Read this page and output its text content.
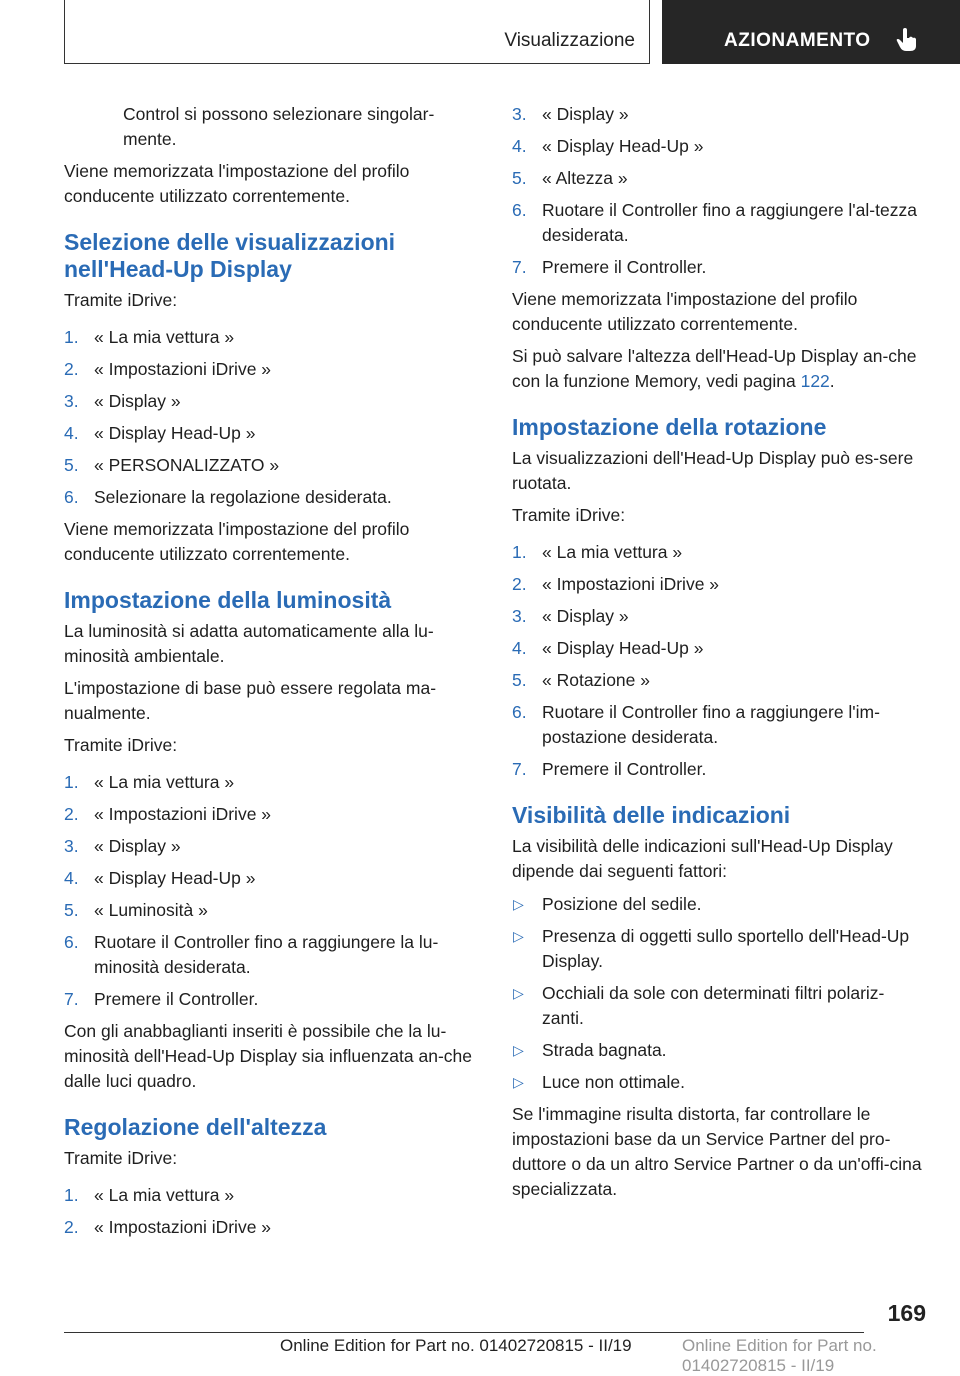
Visualizzazione	AZIONAMENTO

Control si possono selezionare singolar-
mente.

Viene memorizzata l'impostazione del profilo conducente utilizzato correntemente.

Selezione delle visualizzazioni nell'Head-Up Display

Tramite iDrive:

1. « La mia vettura »
2. « Impostazioni iDrive »
3. « Display »
4. « Display Head-Up »
5. « PERSONALIZZATO »
6. Selezionare la regolazione desiderata.

Viene memorizzata l'impostazione del profilo conducente utilizzato correntemente.

Impostazione della luminosità

La luminosità si adatta automaticamente alla lu-minosità ambientale.

L'impostazione di base può essere regolata ma-nualmente.

Tramite iDrive:

1. « La mia vettura »
2. « Impostazioni iDrive »
3. « Display »
4. « Display Head-Up »
5. « Luminosità »
6. Ruotare il Controller fino a raggiungere la lu-minosità desiderata.
7. Premere il Controller.

Con gli anabbaglianti inseriti è possibile che la lu-minosità dell'Head-Up Display sia influenzata an-che dalle luci quadro.

Regolazione dell'altezza

Tramite iDrive:

1. « La mia vettura »
2. « Impostazioni iDrive »
3. « Display »
4. « Display Head-Up »
5. « Altezza »
6. Ruotare il Controller fino a raggiungere l'al-tezza desiderata.
7. Premere il Controller.

Viene memorizzata l'impostazione del profilo conducente utilizzato correntemente.

Si può salvare l'altezza dell'Head-Up Display an-che con la funzione Memory, vedi pagina 122.

Impostazione della rotazione

La visualizzazioni dell'Head-Up Display può es-sere ruotata.

Tramite iDrive:

1. « La mia vettura »
2. « Impostazioni iDrive »
3. « Display »
4. « Display Head-Up »
5. « Rotazione »
6. Ruotare il Controller fino a raggiungere l'im-postazione desiderata.
7. Premere il Controller.
Visibilità delle indicazioni

La visibilità delle indicazioni sull'Head-Up Display dipende dai seguenti fattori:

▷ Posizione del sedile.
▷ Presenza di oggetti sullo sportello dell'Head-Up Display.
▷ Occhiali da sole con determinati filtri polariz-zanti.
▷ Strada bagnata.
▷ Luce non ottimale.

Se l'immagine risulta distorta, far controllare le impostazioni base da un Service Partner del pro-duttore o da un altro Service Partner o da un'offi-cina specializzata.

169
Online Edition for Part no. 01402720815 - II/19	Online Edition for Part no. 01402720815 - II/19
